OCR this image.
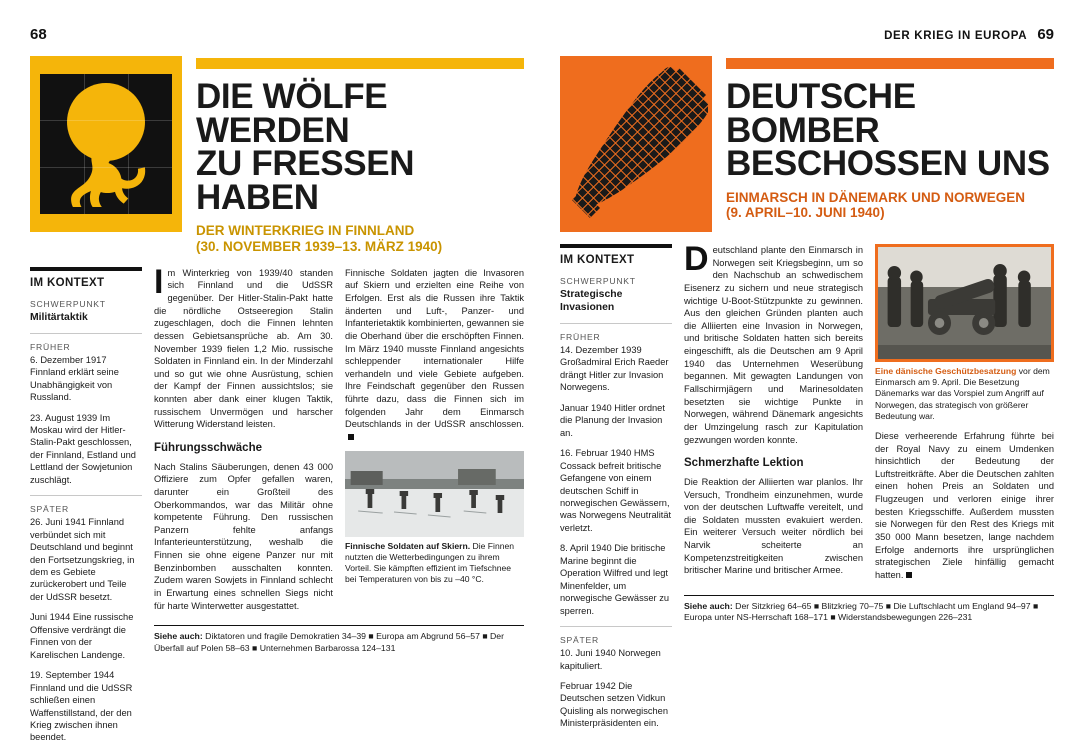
68
DIE WÖLFE WERDEN
ZU FRESSEN HABEN
DER WINTERKRIEG IN FINNLAND
(30. NOVEMBER 1939–13. MÄRZ 1940)
IM KONTEXT
SCHWERPUNKT
Militärtaktik
FRÜHER
6. Dezember 1917 Finnland erklärt seine Unabhängigkeit von Russland.
23. August 1939 Im Moskau wird der Hitler-Stalin-Pakt geschlossen, der Finnland, Estland und Lettland der Sowjetunion zuschlägt.
SPÄTER
26. Juni 1941 Finnland verbündet sich mit Deutschland und beginnt den Fortsetzungskrieg, in dem es Gebiete zurückerobert und Teile der UdSSR besetzt.
Juni 1944 Eine russische Offensive verdrängt die Finnen von der Karelischen Landenge.
19. September 1944 Finnland und die UdSSR schließen einen Waffenstillstand, der den Krieg zwischen ihnen beendet.

Im Winterkrieg von 1939/40 standen sich Finnland und die UdSSR gegenüber. Der Hitler-Stalin-Pakt hatte die nördliche Ostseeregion Stalin zugeschlagen, doch die Finnen lehnten dessen Gebietsansprüche ab. Am 30. November 1939 fielen 1,2 Mio. russische Soldaten in Finnland ein. In der Minderzahl und so gut wie ohne Ausrüstung, schien der Kampf der Finnen aussichtslos; sie konnten aber dank einer klugen Taktik, russischem Unvermögen und harscher Witterung Widerstand leisten.

Führungsschwäche

Nach Stalins Säuberungen, denen 43 000 Offiziere zum Opfer gefallen waren, darunter ein Großteil des Oberkommandos, war das Militär ohne kompetente Führung. Den russischen Panzern fehlte anfangs Infanterieunterstützung, weshalb die Finnen sie ohne eigene Panzer nur mit Benzinbomben ausschalten konnten. Zudem waren Sowjets in Finnland schlecht in Erwartung eines schnellen Siegs nicht für harte Winterwetter ausgestattet.

Finnische Soldaten jagten die Invasoren auf Skiern und erzielten eine Reihe von Erfolgen. Erst als die Russen ihre Taktik änderten und Luft-, Panzer- und Infanterietaktik kombinierten, gewannen sie die Oberhand über die erschöpften Finnen. Im März 1940 musste Finnland angesichts schleppender internationaler Hilfe verhandeln und viele Gebiete aufgeben. Ihre Feindschaft gegenüber den Russen führte dazu, dass die Finnen sich im folgenden Jahr dem Einmarsch Deutschlands in der UdSSR anschlossen.

Finnische Soldaten auf Skiern. Die Finnen nutzten die Wetterbedingungen zu ihrem Vorteil. Sie kämpften effizient im Tiefschnee bei Temperaturen von bis zu –40 °C.
Siehe auch: Diktatoren und fragile Demokratien 34–39 ■ Europa am Abgrund 56–57 ■ Der Überfall auf Polen 58–63 ■ Unternehmen Barbarossa 124–131
DER KRIEG IN EUROPA 69
DEUTSCHE BOMBER
BESCHOSSEN UNS
EINMARSCH IN DÄNEMARK UND NORWEGEN
(9. APRIL–10. JUNI 1940)
IM KONTEXT
SCHWERPUNKT
Strategische Invasionen
FRÜHER
14. Dezember 1939 Großadmiral Erich Raeder drängt Hitler zur Invasion Norwegens.
Januar 1940 Hitler ordnet die Planung der Invasion an.
16. Februar 1940 HMS Cossack befreit britische Gefangene von einem deutschen Schiff in norwegischen Gewässern, was Norwegens Neutralität verletzt.
8. April 1940 Die britische Marine beginnt die Operation Wilfred und legt Minenfelder, um norwegische Gewässer zu sperren.
SPÄTER
10. Juni 1940 Norwegen kapituliert.
Februar 1942 Die Deutschen setzen Vidkun Quisling als norwegischen Ministerpräsidenten ein.

Deutschland plante den Einmarsch in Norwegen seit Kriegsbeginn, um so den Nachschub an schwedischem Eisenerz zu sichern und neue strategisch wichtige U-Boot-Stützpunkte zu gewinnen. Aus den gleichen Gründen planten auch die Alliierten eine Invasion in Norwegen, und britische Soldaten hatten sich bereits eingeschifft, als die Deutschen am 9 April 1940 das Unternehmen Weserübung begannen. Mit gewagten Landungen von Fallschirmjägern und Marinesoldaten besetzten sie wichtige Punkte in Norwegen, während Dänemark angesichts der Umzingelung rasch zur Kapitulation gezwungen worden konnte.

Schmerzhafte Lektion

Die Reaktion der Alliierten war planlos. Ihr Versuch, Trondheim einzunehmen, wurde von der deutschen Luftwaffe vereitelt, und die Soldaten mussten evakuiert werden. Ein weiterer Versuch weiter nördlich bei Narvik scheiterte an Kompetenzstreitigkeiten zwischen britischer Marine und britischer Armee.

Eine dänische Geschützbesatzung vor dem Einmarsch am 9. April. Die Besetzung Dänemarks war das Vorspiel zum Angriff auf Norwegen, das strategisch von größerer Bedeutung war.

Diese verheerende Erfahrung führte bei der Royal Navy zu einem Umdenken hinsichtlich der Bedeutung der Luftstreitkräfte. Aber die Deutschen zahlten einen hohen Preis an Soldaten und Flugzeugen und verloren einige ihrer besten Kriegsschiffe. Außerdem mussten sie Norwegen für den Rest des Kriegs mit 350 000 Mann besetzen, lange nachdem Erfolge andernorts ihre ursprünglichen strategischen Ziele hinfällig gemacht hatten.

Siehe auch: Der Sitzkrieg 64–65 ■ Blitzkrieg 70–75 ■ Die Luftschlacht um England 94–97 ■ Europa unter NS-Herrschaft 168–171 ■ Widerstandsbewegungen 226–231
